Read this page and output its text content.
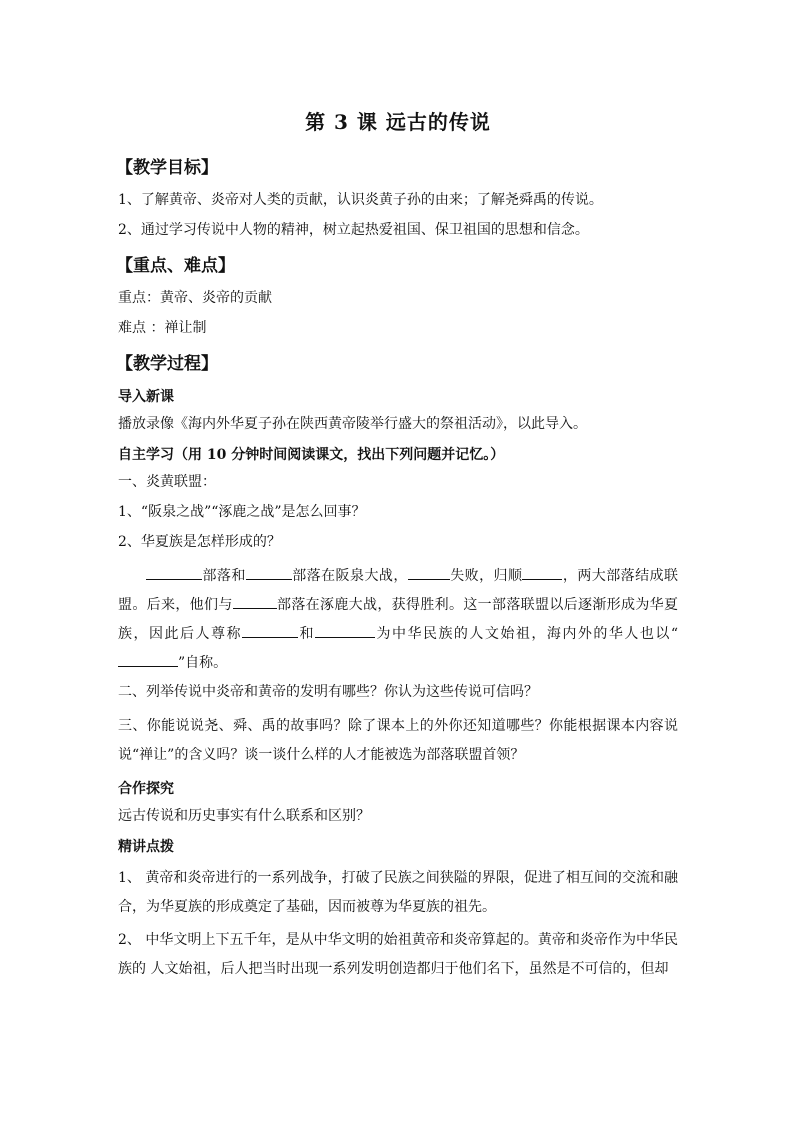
第 3 课 远古的传说
【教学目标】

1、了解黄帝、炎帝对人类的贡献，认识炎黄子孙的由来；了解尧舜禹的传说。

2、通过学习传说中人物的精神，树立起热爱祖国、保卫祖国的思想和信念。

【重点、难点】

重点：黄帝、炎帝的贡献

难点 ：禅让制

【教学过程】
导入新课

播放录像《海内外华夏子孙在陕西黄帝陵举行盛大的祭祖活动》，以此导入。

自主学习（用 10 分钟时间阅读课文，找出下列问题并记忆。）

一、炎黄联盟：

1、“阪泉之战”“涿鹿之战”是怎么回事？

2、华夏族是怎样形成的？

部落和	部落在阪泉大战，	失败，归顺	，两大部落结成联盟。后来，他们与	部落在涿鹿大战，获得胜利。这一部落联盟以后逐渐形成为华夏族，因此后人尊称	和	为中华民族的人文始祖，海内外的华人也以“”自称。

二、列举传说中炎帝和黄帝的发明有哪些？你认为这些传说可信吗？

三、你能说说尧、舜、禹的故事吗？除了课本上的外你还知道哪些？你能根据课本内容说说“禅让”的含义吗？谈一谈什么样的人才能被选为部落联盟首领？

合作探究

远古传说和历史事实有什么联系和区别？

精讲点拨

1、 黄帝和炎帝进行的一系列战争，打破了民族之间狭隘的界限，促进了相互间的交流和融合，为华夏族的形成奠定了基础，因而被尊为华夏族的祖先。

2、 中华文明上下五千年，是从中华文明的始祖黄帝和炎帝算起的。黄帝和炎帝作为中华民族的 人文始祖，后人把当时出现一系列发明创造都归于他们名下，虽然是不可信的，但却
